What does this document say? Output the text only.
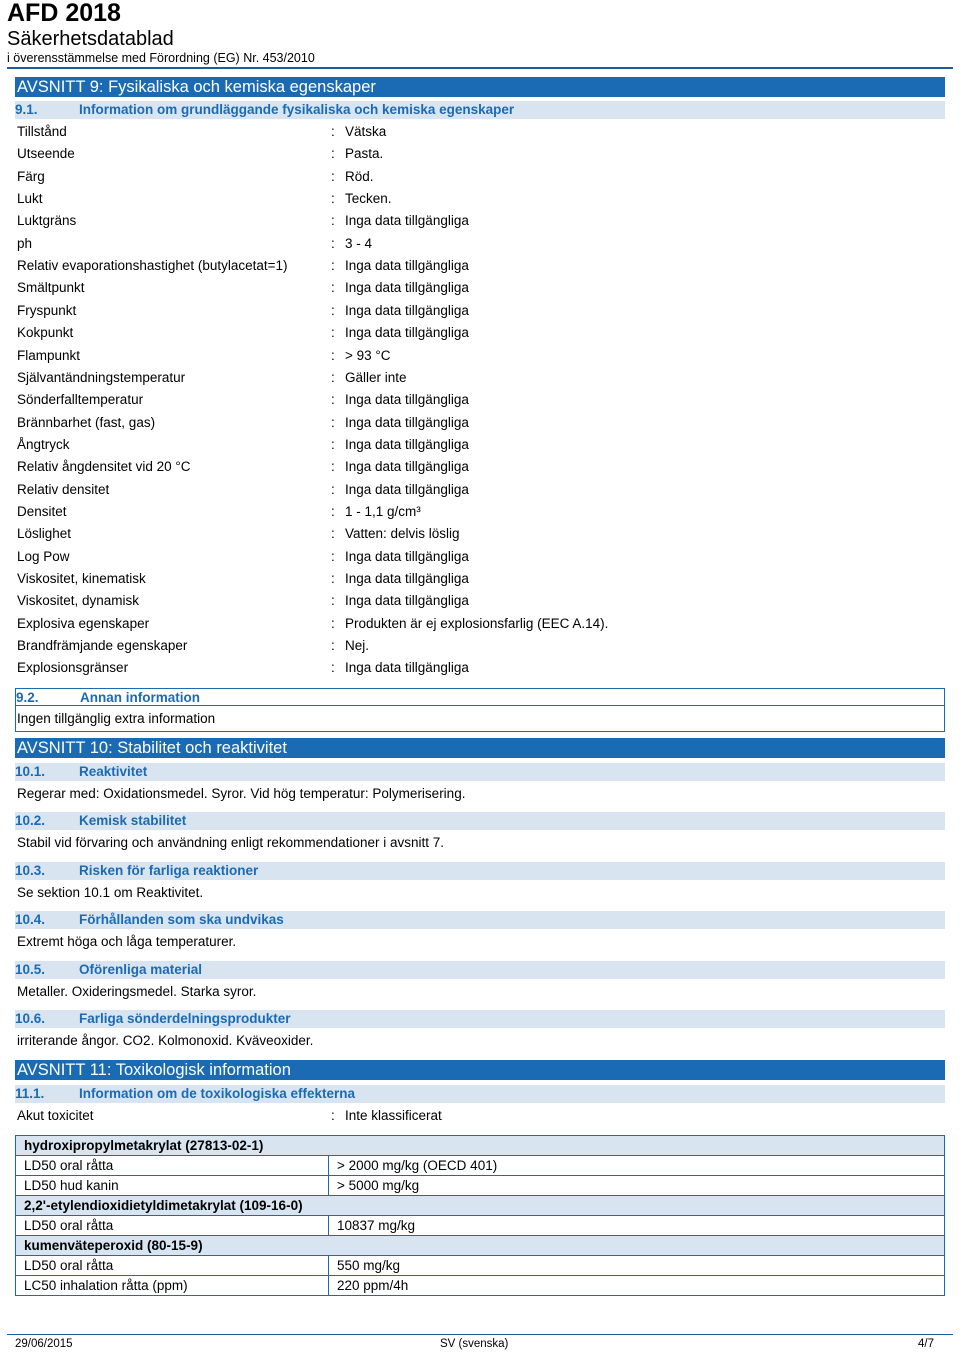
AFD 2018
Säkerhetsdatablad
i överensstämmelse med Förordning (EG) Nr. 453/2010
AVSNITT 9: Fysikaliska och kemiska egenskaper
9.1.	Information om grundläggande fysikaliska och kemiska egenskaper
Tillstånd	: Vätska
Utseende	: Pasta.
Färg	: Röd.
Lukt	: Tecken.
Luktgräns	: Inga data tillgängliga
ph	: 3 - 4
Relativ evaporationshastighet (butylacetat=1)	: Inga data tillgängliga
Smältpunkt	: Inga data tillgängliga
Fryspunkt	: Inga data tillgängliga
Kokpunkt	: Inga data tillgängliga
Flampunkt	: > 93 °C
Självantändningstemperatur	: Gäller inte
Sönderfalltemperatur	: Inga data tillgängliga
Brännbarhet (fast, gas)	: Inga data tillgängliga
Ångtryck	: Inga data tillgängliga
Relativ ångdensitet vid 20 °C	: Inga data tillgängliga
Relativ densitet	: Inga data tillgängliga
Densitet	: 1 - 1,1 g/cm³
Löslighet	: Vatten: delvis löslig
Log Pow	: Inga data tillgängliga
Viskositet, kinematisk	: Inga data tillgängliga
Viskositet, dynamisk	: Inga data tillgängliga
Explosiva egenskaper	: Produkten är ej explosionsfarlig (EEC A.14).
Brandfrämjande egenskaper	: Nej.
Explosionsgränser	: Inga data tillgängliga
9.2.	Annan information
Ingen tillgänglig extra information
AVSNITT 10: Stabilitet och reaktivitet
10.1.	Reaktivitet
Regerar med: Oxidationsmedel. Syror. Vid hög temperatur: Polymerisering.
10.2.	Kemisk stabilitet
Stabil vid förvaring och användning enligt rekommendationer i avsnitt 7.
10.3.	Risken för farliga reaktioner
Se sektion 10.1 om Reaktivitet.
10.4.	Förhållanden som ska undvikas
Extremt höga och låga temperaturer.
10.5.	Oförenliga material
Metaller. Oxideringsmedel. Starka syror.
10.6.	Farliga sönderdelningsprodukter
irriterande ångor. CO2. Kolmonoxid. Kväveoxider.
AVSNITT 11: Toxikologisk information
11.1.	Information om de toxikologiska effekterna
Akut toxicitet	: Inte klassificerat
hydroxipropylmetakrylat (27813-02-1)	
LD50 oral råtta	> 2000 mg/kg (OECD 401)
LD50 hud kanin	> 5000 mg/kg
2,2'-etylendioxidietyldimetakrylat (109-16-0)	
LD50 oral råtta	10837 mg/kg
kumenväteperoxid (80-15-9)	
LD50 oral råtta	550 mg/kg
LC50 inhalation råtta (ppm)	220 ppm/4h
29/06/2015	SV (svenska)	4/7
